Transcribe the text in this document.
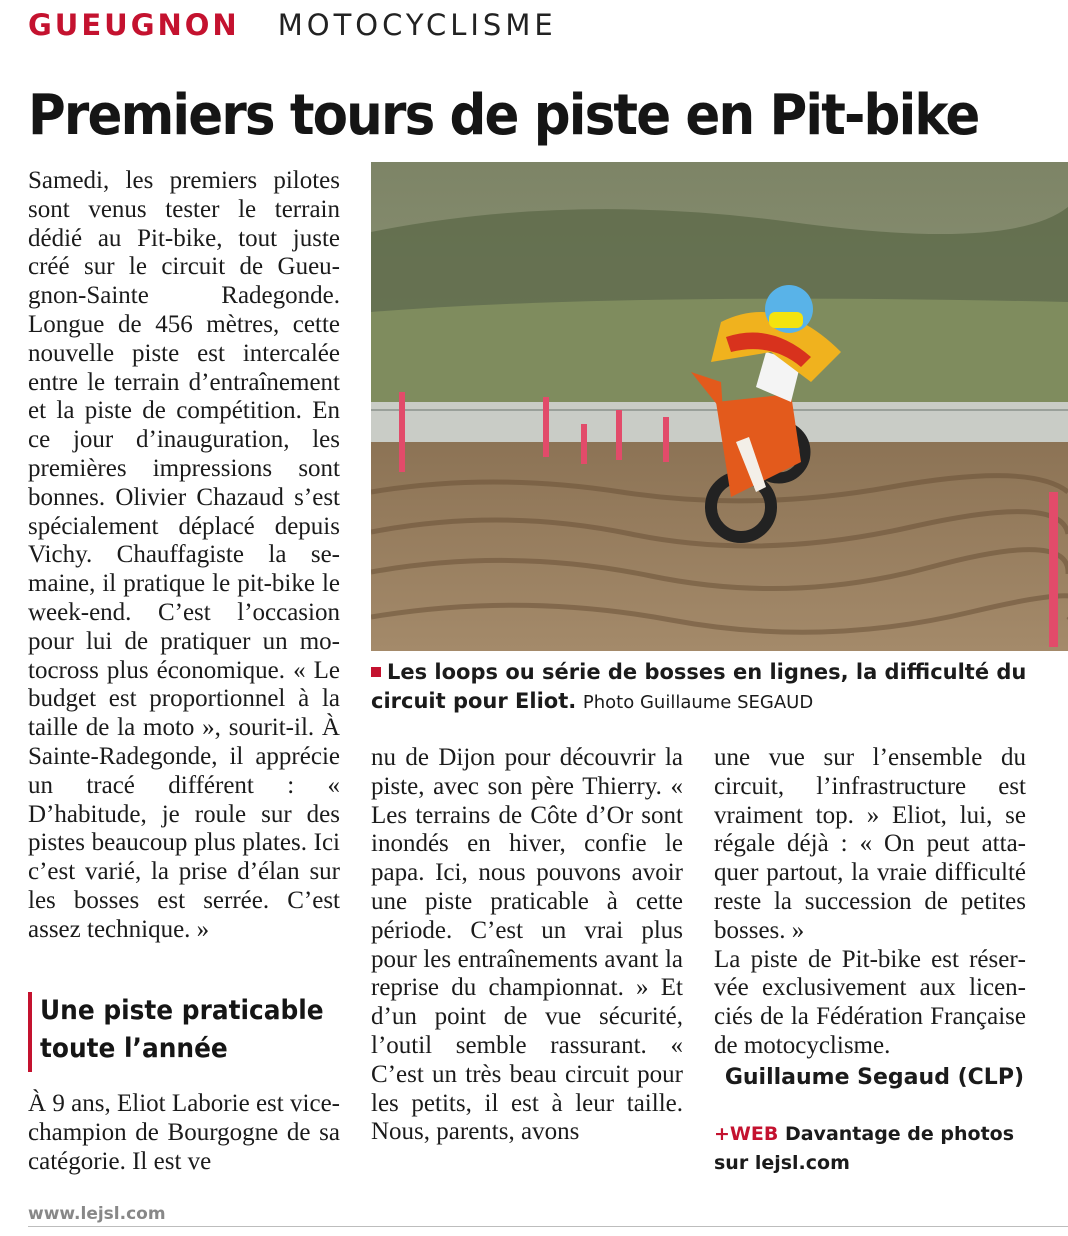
GUEUGNON MOTOCYCLISME
Premiers tours de piste en Pit-bike

Samedi, les premiers pilotes sont venus tester le terrain dédié au Pit-bike, tout juste créé sur le circuit de Gueugnon-Sainte Radegonde. Longue de 456 mètres, cette nouvelle piste est intercalée entre le terrain d’entraînement et la piste de compétition. En ce jour d’inauguration, les premières impressions sont bonnes. Olivier Chazaud s’est spécialement déplacé depuis Vichy. Chauffagiste la semaine, il pratique le pit-bike le week-end. C’est l’occasion pour lui de pratiquer un motocross plus économique. « Le budget est proportionnel à la taille de la moto », sourit-il. À Sainte-Radegonde, il apprécie un tracé différent : « D’habitude, je roule sur des pistes beaucoup plus plates. Ici c’est varié, la prise d’élan sur les bosses est serrée. C’est assez technique. »

Une piste praticable
toute l’année

À 9 ans, Eliot Laborie est vice-champion de Bourgogne de sa catégorie. Il est ve

Les loops ou série de bosses en lignes, la difficulté du circuit pour Eliot. Photo Guillaume SEGAUD

nu de Dijon pour découvrir la piste, avec son père Thierry. « Les terrains de Côte d’Or sont inondés en hiver, confie le papa. Ici, nous pouvons avoir une piste praticable à cette période. C’est un vrai plus pour les entraînements avant la reprise du championnat. » Et d’un point de vue sécurité, l’outil semble rassurant. « C’est un très beau circuit pour les petits, il est à leur taille. Nous, parents, avons

une vue sur l’ensemble du circuit, l’infrastructure est vraiment top. » Eliot, lui, se régale déjà : « On peut attaquer partout, la vraie difficulté reste la succession de petites bosses. »

La piste de Pit-bike est réservée exclusivement aux licenciés de la Fédération Française de motocyclisme.

Guillaume Segaud (CLP)
+WEB Davantage de photos
sur lejsl.com
www.lejsl.com
